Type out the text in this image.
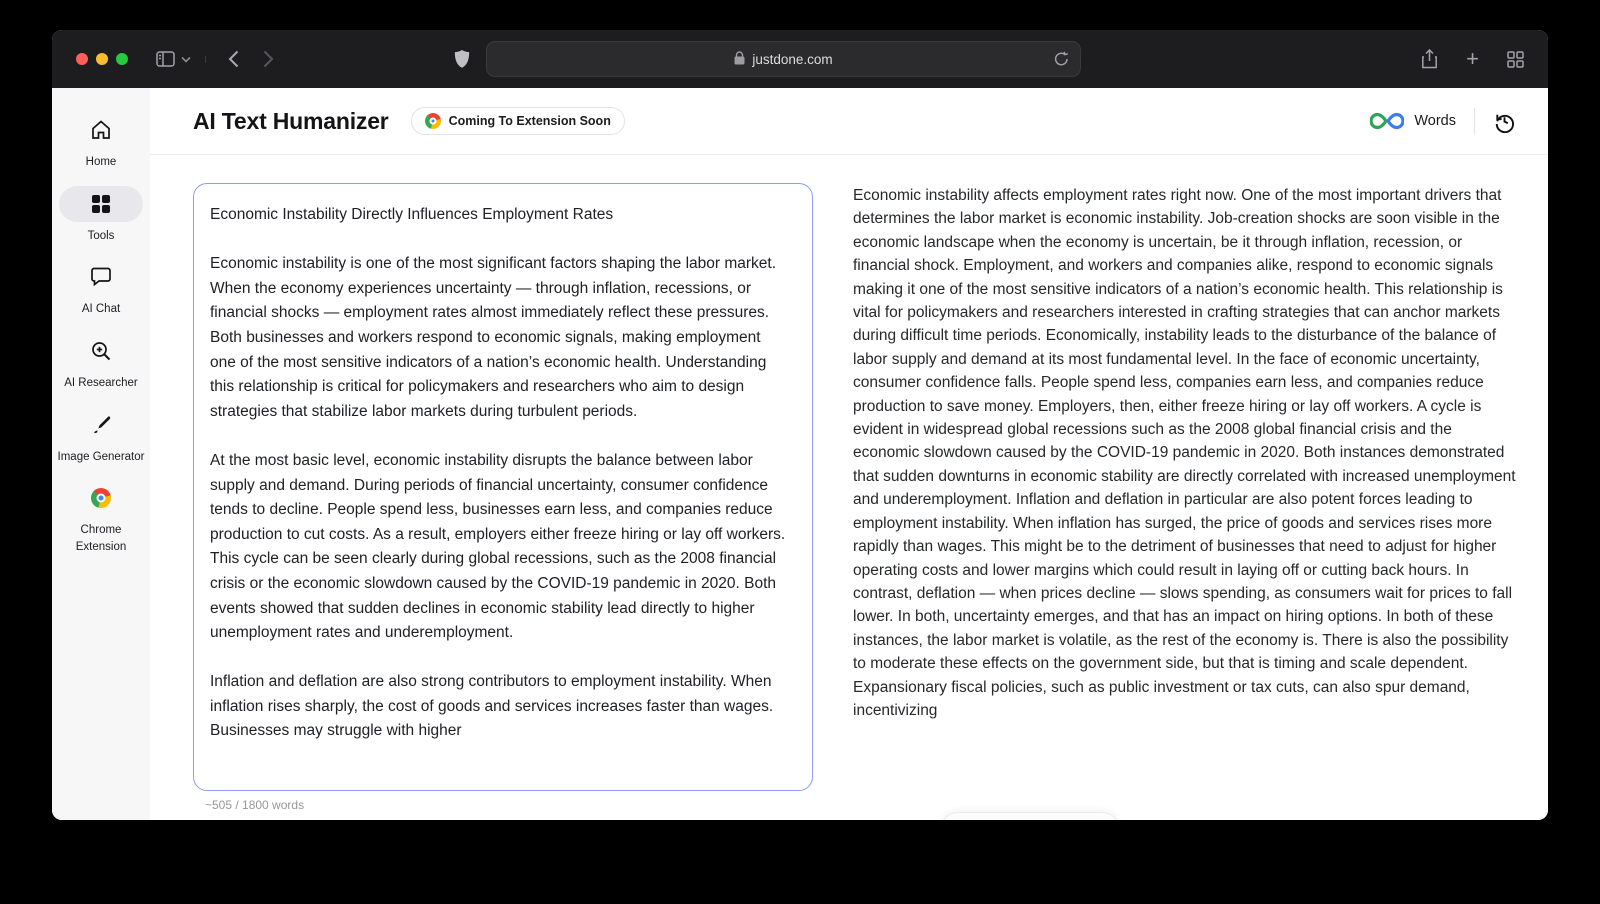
justdone.com	+
Home
Tools
AI Chat
AI Researcher
Image Generator
Chrome Extension
AI Text Humanizer	Coming To Extension Soon	Words

Economic Instability Directly Influences Employment Rates

Economic instability is one of the most significant factors shaping the labor market. When the economy experiences uncertainty — through inflation, recessions, or financial shocks — employment rates almost immediately reflect these pressures. Both businesses and workers respond to economic signals, making employment one of the most sensitive indicators of a nation’s economic health. Understanding this relationship is critical for policymakers and researchers who aim to design strategies that stabilize labor markets during turbulent periods.

At the most basic level, economic instability disrupts the balance between labor supply and demand. During periods of financial uncertainty, consumer confidence tends to decline. People spend less, businesses earn less, and companies reduce production to cut costs. As a result, employers either freeze hiring or lay off workers. This cycle can be seen clearly during global recessions, such as the 2008 financial crisis or the economic slowdown caused by the COVID-19 pandemic in 2020. Both events showed that sudden declines in economic stability lead directly to higher unemployment rates and underemployment.

Inflation and deflation are also strong contributors to employment instability. When inflation rises sharply, the cost of goods and services increases faster than wages. Businesses may struggle with higher

~505 / 1800 words
Economic instability affects employment rates right now. One of the most important drivers that determines the labor market is economic instability. Job-creation shocks are soon visible in the economic landscape when the economy is uncertain, be it through inflation, recession, or financial shock. Employment, and workers and companies alike, respond to economic signals making it one of the most sensitive indicators of a nation’s economic health. This relationship is vital for policymakers and researchers interested in crafting strategies that can anchor markets during difficult time periods. Economically, instability leads to the disturbance of the balance of labor supply and demand at its most fundamental level. In the face of economic uncertainty, consumer confidence falls. People spend less, companies earn less, and companies reduce production to save money. Employers, then, either freeze hiring or lay off workers. A cycle is evident in widespread global recessions such as the 2008 global financial crisis and the economic slowdown caused by the COVID-19 pandemic in 2020. Both instances demonstrated that sudden downturns in economic stability are directly correlated with increased unemployment and underemployment. Inflation and deflation in particular are also potent forces leading to employment instability. When inflation has surged, the price of goods and services rises more rapidly than wages. This might be to the detriment of businesses that need to adjust for higher operating costs and lower margins which could result in laying off or cutting back hours. In contrast, deflation — when prices decline — slows spending, as consumers wait for prices to fall lower. In both, uncertainty emerges, and that has an impact on hiring options. In both of these instances, the labor market is volatile, as the rest of the economy is. There is also the possibility to moderate these effects on the government side, but that is timing and scale dependent. Expansionary fiscal policies, such as public investment or tax cuts, can also spur demand, incentivizing
